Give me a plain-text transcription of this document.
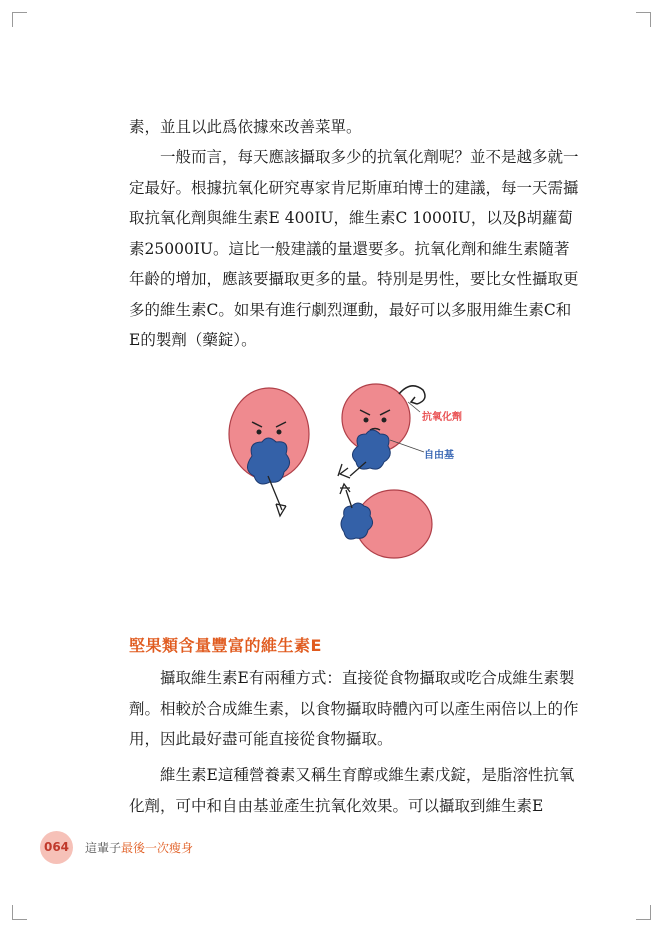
素，並且以此爲依據來改善菜單。

一般而言，每天應該攝取多少的抗氧化劑呢？並不是越多就一定最好。根據抗氧化研究專家肯尼斯庫珀博士的建議，每一天需攝取抗氧化劑與維生素E 400IU，維生素C 1000IU，以及β胡蘿蔔素25000IU。這比一般建議的量還要多。抗氧化劑和維生素隨著年齡的增加，應該要攝取更多的量。特別是男性，要比女性攝取更多的維生素C。如果有進行劇烈運動，最好可以多服用維生素C和E的製劑（藥錠）。

抗氧化劑
自由基
堅果類含量豐富的維生素E

攝取維生素E有兩種方式：直接從食物攝取或吃合成維生素製劑。相較於合成維生素，以食物攝取時體內可以產生兩倍以上的作用，因此最好盡可能直接從食物攝取。

維生素E這種營養素又稱生育醇或維生素戊錠，是脂溶性抗氧化劑，可中和自由基並產生抗氧化效果。可以攝取到維生素E

064	這輩子最後一次瘦身
